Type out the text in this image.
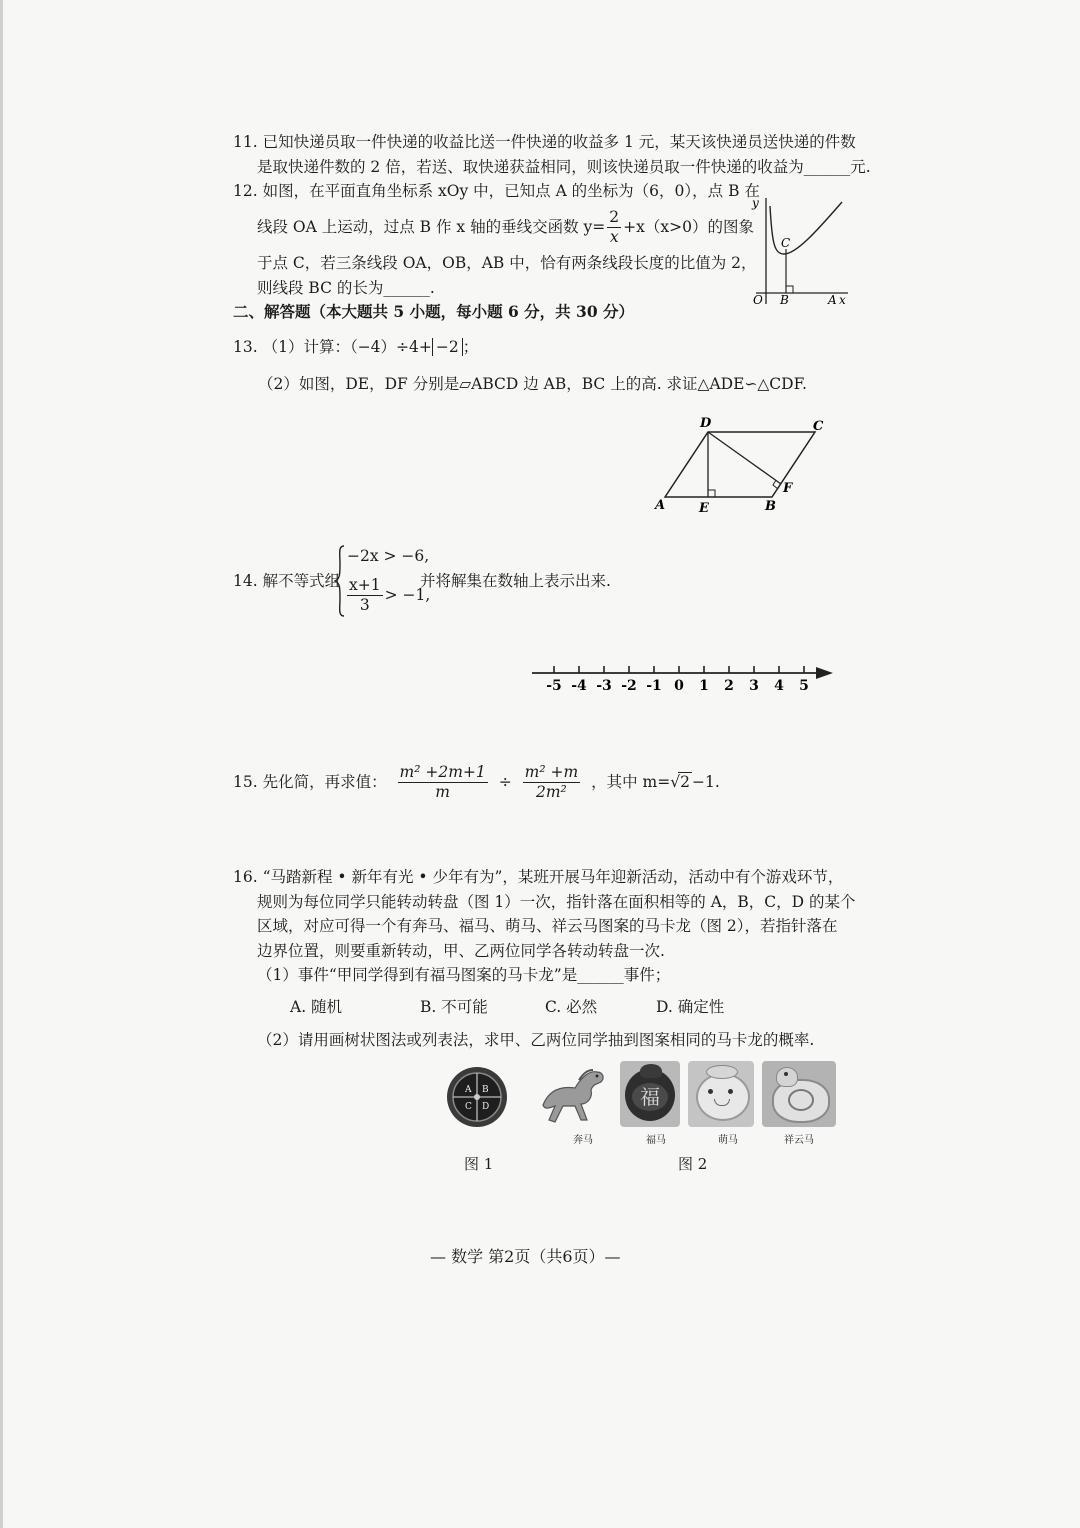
11. 已知快递员取一件快递的收益比送一件快递的收益多 1 元，某天该快递员送快递的件数
是取快递件数的 2 倍，若送、取快递获益相同，则该快递员取一件快递的收益为______元.
12. 如图，在平面直角坐标系 xOy 中，已知点 A 的坐标为（6，0），点 B 在
线段 OA 上运动，过点 B 作 x 轴的垂线交函数 $y= \frac{2}{x} +x(x>0)$的图象
于点 C，若三条线段 OA，OB，AB 中，恰有两条线段长度的比值为 2，
则线段 BC 的长为______.
y
O B	A x
C
二、解答题（本大题共 5 小题，每小题 6 分，共 30 分）
13. （1）计算：（−4）÷4+ −2 ；
（2）如图，DE，DF 分别是▱ABCD 边 AB，BC 上的高. 求证△ADE∽△CDF.
D	C
A	E	B
F
14. 解不等式组
−2x > −6,
$\frac{x+1}{3} > -1$,
并将解集在数轴上表示出来.
-5 -4 -3 -2 -1 0 1 2 3 4 5
15. 先化简，再求值： $\frac{\text{m² +2m+1}}{m} \div \frac{\text{m² +m}}{\text{2m²}}$ ，其中 m=√2 −1.
16. “马踏新程 • 新年有光 • 少年有为”，某班开展马年迎新活动，活动中有个游戏环节，
规则为每位同学只能转动转盘（图 1）一次，指针落在面积相等的 A，B，C，D 的某个
区域，对应可得一个有奔马、福马、萌马、祥云马图案的马卡龙（图 2），若指针落在
边界位置，则要重新转动，甲、乙两位同学各转动转盘一次.
（1）事件“甲同学得到有福马图案的马卡龙”是______事件；
A. 随机	B. 不可能	C. 必然	D. 确定性
（2）请用画树状图法或列表法，求甲、乙两位同学抽到图案相同的马卡龙的概率.
A B
C D	福
奔马	福马	萌马	祥云马
图 1	图 2
— 数学 第2页（共6页）—
